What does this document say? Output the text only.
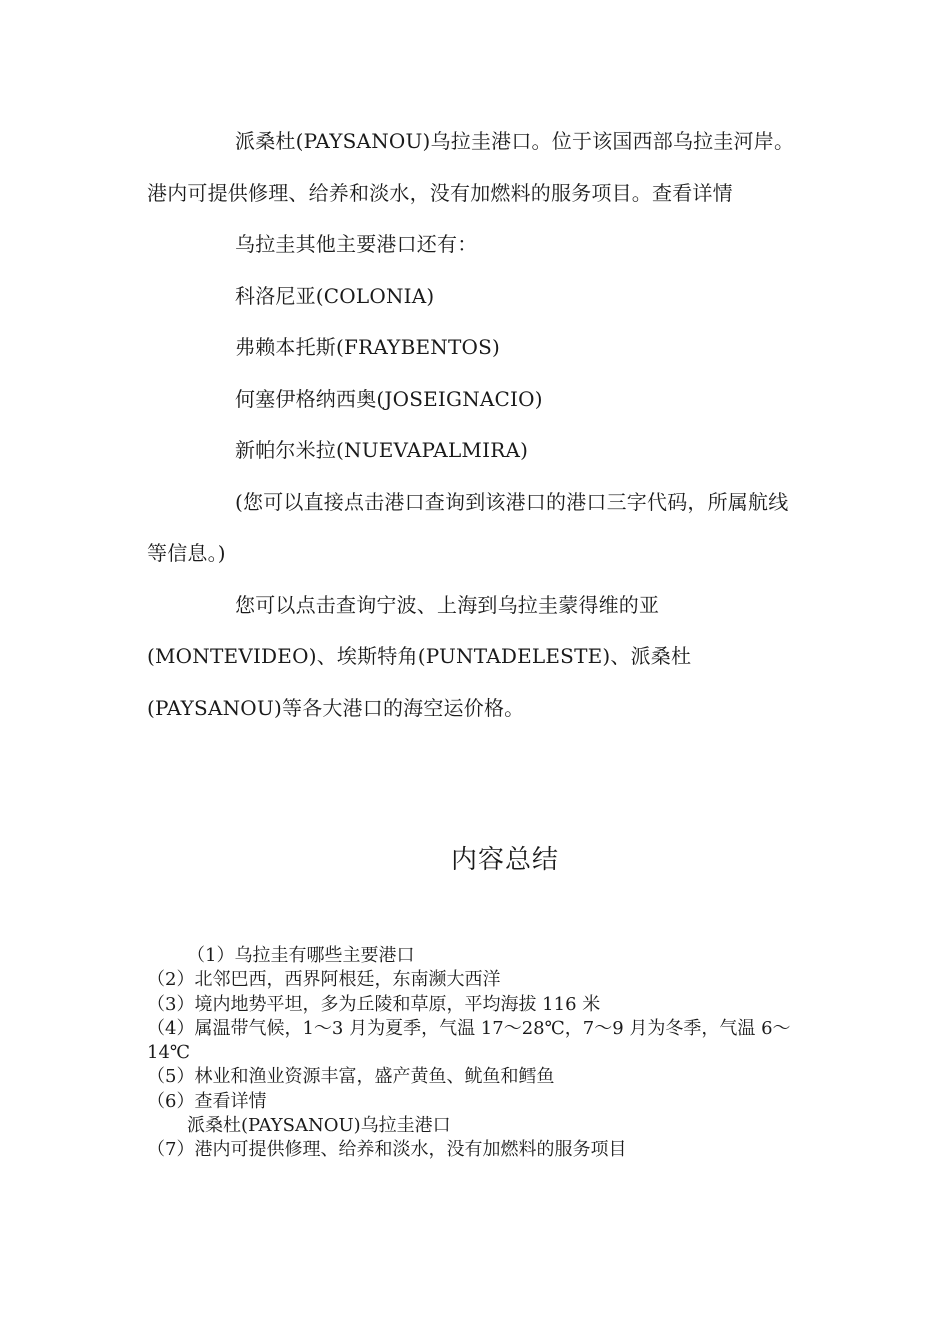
派桑杜(PAYSANOU)乌拉圭港口。位于该国西部乌拉圭河岸。港内可提供修理、给养和淡水，没有加燃料的服务项目。查看详情

乌拉圭其他主要港口还有：

科洛尼亚(COLONIA)

弗赖本托斯(FRAYBENTOS)

何塞伊格纳西奥(JOSEIGNACIO)

新帕尔米拉(NUEVAPALMIRA)

(您可以直接点击港口查询到该港口的港口三字代码，所属航线等信息。)

您可以点击查询宁波、上海到乌拉圭蒙得维的亚

(MONTEVIDEO)、埃斯特角(PUNTADELESTE)、派桑杜

(PAYSANOU)等各大港口的海空运价格。

内容总结

（1）乌拉圭有哪些主要港口

（2）北邻巴西，西界阿根廷，东南濒大西洋

（3）境内地势平坦，多为丘陵和草原，平均海拔 116 米

（4）属温带气候，1～3 月为夏季，气温 17～28℃，7～9 月为冬季，气温 6～14℃

（5）林业和渔业资源丰富，盛产黄鱼、鱿鱼和鳕鱼

（6）查看详情

派桑杜(PAYSANOU)乌拉圭港口

（7）港内可提供修理、给养和淡水，没有加燃料的服务项目
